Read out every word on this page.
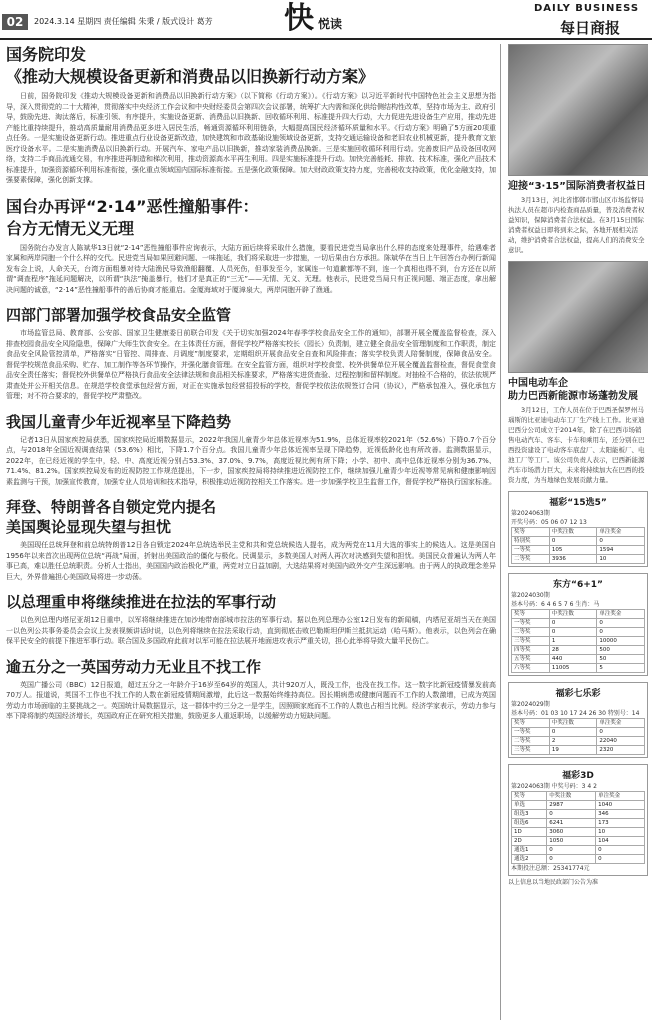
02	2024.3.14 星期四 责任编辑 朱秉 / 版式设计 葛芳 快 悦读
DAILY BUSINESS
每日商报
国务院印发
《推动大规模设备更新和消费品以旧换新行动方案》

日前，国务院印发《推动大规模设备更新和消费品以旧换新行动方案》（以下简称《行动方案》）。《行动方案》以习近平新时代中国特色社会主义思想为指导，深入贯彻党的二十大精神，贯彻落实中央经济工作会议和中央财经委员会第四次会议部署，统筹扩大内需和深化供给侧结构性改革，坚持市场为主、政府引导，鼓励先进、淘汰落后，标准引领、有序提升，实施设备更新、消费品以旧换新、回收循环利用、标准提升四大行动，大力促进先进设备生产应用，推动先进产能比重持续提升，推动高质量耐用消费品更多进入居民生活，畅通资源循环利用链条，大幅提高国民经济循环质量和水平。《行动方案》明确了5方面20项重点任务。一是实施设备更新行动。推进重点行业设备更新改造，加快建筑和市政基础设施领域设备更新，支持交通运输设备和老旧农业机械更新，提升教育文旅医疗设备水平。二是实施消费品以旧换新行动。开展汽车、家电产品以旧换新，推动家装消费品换新。三是实施回收循环利用行动。完善废旧产品设备回收网络，支持二手商品流通交易，有序推进再制造和梯次利用，推动资源高水平再生利用。四是实施标准提升行动。加快完善能耗、排放、技术标准，强化产品技术标准提升，加强资源循环利用标准衔接，强化重点领域国内国际标准衔接。五是强化政策保障。加大财政政策支持力度，完善税收支持政策，优化金融支持，加强要素保障，强化创新支撑。

国台办再评“2·14”恶性撞船事件：
台方无情无义无理

国务院台办发言人陈斌华13日就“2·14”恶性撞船事件应询表示，大陆方面后续将采取什么措施，要看民进党当局拿出什么样的态度来处理事件，给遇难者家属和两岸同胞一个什么样的交代。民进党当局如果回避问题、一味拖延，我们将采取进一步措施，一切后果由台方承担。陈斌华在当日上午回答台办例行新闻发布会上说，人命关天，台湾方面粗暴对待大陆渔民导致渔船翻覆、人员死伤，但事发至今，家属连一句道歉都等不到，连一个真相也得不到，台方还在以所谓“调查程序”拖延问题解决，以所谓“执法”掩盖暴行，他们才是真正的“三无”——无情、无义、无理。他表示，民进党当局只有正视问题、端正态度，拿出解决问题的诚意，“2·14”恶性撞船事件的善后协商才能重启。金厦海域对于厦漳泉大，两岸同胞开辟了渔通。

四部门部署加强学校食品安全监管

市场监管总局、教育部、公安部、国家卫生健康委日前联合印发《关于切实加强2024年春季学校食品安全工作的通知》，部署开展全覆盖监督检查，深入排查校园食品安全风险隐患，保障广大师生饮食安全。在主体责任方面，督促学校严格落实校长（园长）负责制，建立健全食品安全管理制度和工作职责，制定食品安全风险管控清单，严格落实“日管控、周排查、月调度”制度要求，定期组织开展食品安全自查和风险排查；落实学校负责人陪餐制度，保障食品安全。督促学校规范食品采购、贮存、加工制作等各环节操作，并强化膳食管理。在安全监管方面，组织对学校食堂、校外供餐单位开展全覆盖监督检查，督促食堂食品安全责任落实；督促校外供餐单位严格执行食品安全法律法规和食品相关标准要求，严格落实进货查验、过程控制和留样制度。对抽检不合格的，依法依规严肃查处并公开相关信息。在规范学校食堂承包经营方面，对正在实施承包经营招投标的学校，督促学校依法依规签订合同（协议），严格承包准入，强化承包方管理；对不符合要求的，督促学校严肃整改。

我国儿童青少年近视率呈下降趋势

记者13日从国家疾控局获悉，国家疾控局近期数据显示，2022年我国儿童青少年总体近视率为51.9%，总体近视率较2021年（52.6%）下降0.7个百分点，与2018年全国近视调查结果（53.6%）相比，下降1.7个百分点。我国儿童青少年总体近视率呈现下降趋势，近视低龄化也有所改善。监测数据显示，2022年，在已经近视的学生中，轻、中、高度近视分别占53.3%、37.0%、9.7%，高度近视比例有所下降；小学、初中、高中总体近视率分别为36.7%、71.4%、81.2%。国家疾控局发布的近视防控工作规范提出，下一步，国家疾控局将持续推进近视防控工作，继续加强儿童青少年近视等常见病和健康影响因素监测与干预，加强宣传教育，加强专业人员培训和技术指导，积极推动近视防控相关工作落实。进一步加强学校卫生监督工作，督促学校严格执行国家标准。

拜登、特朗普各自锁定党内提名
美国舆论显现失望与担忧

美国现任总统拜登和前总统特朗普12日各自锁定2024年总统选举民主党和共和党总统候选人提名，成为两党在11月大选的事实上的候选人。这是美国自1956年以来首次出现两位总统“再战”局面，折射出美国政治的僵化与极化。民调显示，多数美国人对两人再次对决感到失望和担忧。美国民众普遍认为两人年事已高，难以胜任总统职责。分析人士指出，美国国内政治极化严重，两党对立日益加剧，大选结果将对美国内政外交产生深远影响。由于两人的执政理念差异巨大，外界普遍担心美国政局将进一步动荡。

以总理重申将继续推进在拉法的军事行动

以色列总理内塔尼亚胡12日重申，以军将继续推进在加沙地带南部城市拉法的军事行动。据以色列总理办公室12日发布的新闻稿，内塔尼亚胡当天在美国一以色列公共事务委员会会议上发表视频讲话时说，以色列将继续在拉法采取行动，直到彻底击败巴勒斯坦伊斯兰抵抗运动（哈马斯）。他表示，以色列会在确保平民安全的前提下推进军事行动。联合国及多国政府此前对以军可能在拉法展开地面进攻表示严重关切，担心此举将导致大量平民伤亡。

逾五分之一英国劳动力无业且不找工作

英国广播公司（BBC）12日报道，超过五分之一年龄介于16岁至64岁的英国人，共计920万人，既没工作，也没在找工作。这一数字比新冠疫情暴发前高70万人。报道说，英国不工作也不找工作的人数在新冠疫情期间激增，此后这一数据始终维持高位。因长期病患或健康问题而不工作的人数激增，已成为英国劳动力市场面临的主要挑战之一。英国统计局数据显示，这一群体中约三分之一是学生，因照顾家庭而不工作的人数也占相当比例。经济学家表示，劳动力参与率下降将制约英国经济增长，英国政府正在研究相关措施，鼓励更多人重返职场，以缓解劳动力短缺问题。

迎接“3·15”国际消费者权益日

3月13日，河北省邯郸市邯山区市场监督局执法人员在超市内检查商品质量，普及消费者权益知识，保障消费者合法权益。在3月15日国际消费者权益日即将到来之际，各地开展相关活动，维护消费者合法权益，提高人们的消费安全意识。

中国电动车企
助力巴西新能源市场蓬勃发展

3月12日，工作人员在位于巴西圣保罗州马瑙斯的比亚迪电动车工厂生产线上工作。比亚迪巴西分公司成立于2014年，除了在巴西市场销售电动汽车、客车、卡车和乘用车，还分别在巴西投资建设了电动客车底盘厂、太阳能板厂、电池工厂等工厂。该公司负责人表示，巴西新能源汽车市场潜力巨大，未来将持续加大在巴西的投资力度，为当地绿色发展贡献力量。

福彩“15选5”
第2024063期
开奖号码：05 06 07 12 13
奖等	中奖注数	单注奖金
特别奖	0	0
一等奖	105	1594
二等奖	3936	10
东方“6+1”
第2024030期
基本号码：6 4 6 5 7 6 生肖：马
奖等	中奖注数	单注奖金
一等奖	0	0
二等奖	0	0
三等奖	1	10000
四等奖	28	500
五等奖	440	50
六等奖	11005	5
福彩七乐彩
第2024029期
基本号码：01 03 10 17 24 26 30 特别号：14
奖等	中奖注数	单注奖金
一等奖	0	0
二等奖	2	22040
三等奖	19	2320
福彩3D
第2024063期 中奖号码：3 4 2
奖等	中奖注数	单注奖金
单选	2987	1040
组选3	0	346
组选6	6241	173
1D	3060	10
2D	1050	104
通选1	0	0
通选2	0	0
本期投注总额：25341774元
以上信息以当地民政部门公告为准
